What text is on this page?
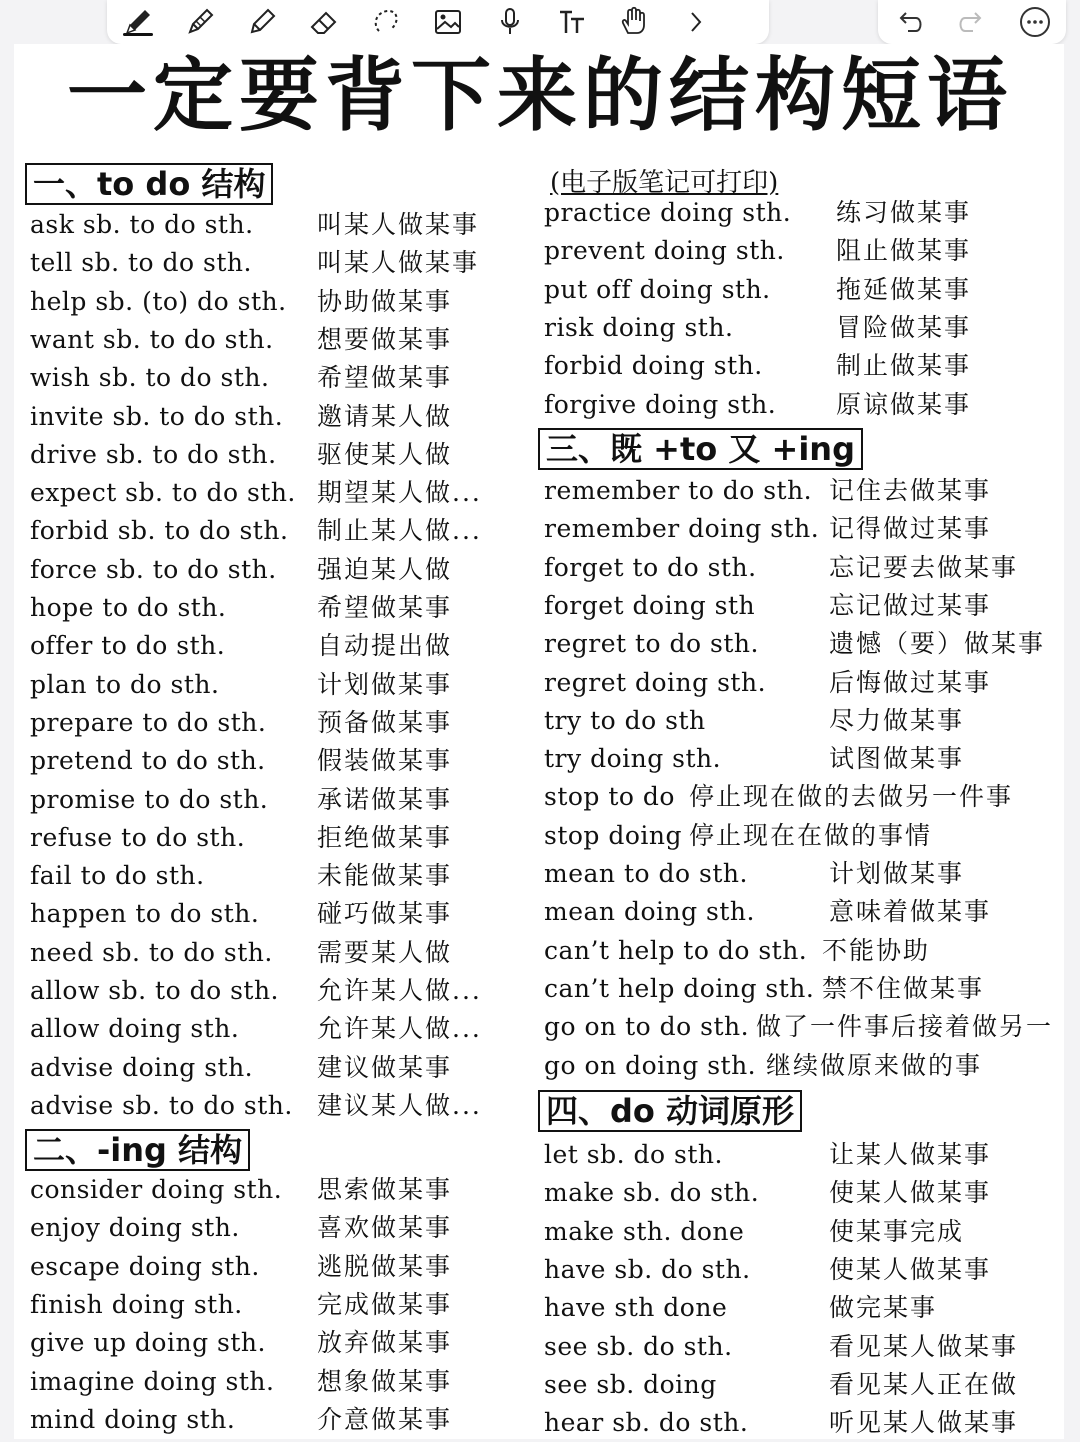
一定要背下来的结构短语
一、to do 结构	(电子版笔记可打印)
ask sb. to do sth.	叫某人做某事
tell sb. to do sth.	叫某人做某事
help sb. (to) do sth. 协助做某事
want sb. to do sth. 想要做某事
wish sb. to do sth. 希望做某事
invite sb. to do sth. 邀请某人做
drive sb. to do sth. 驱使某人做
expect sb. to do sth. 期望某人做...
forbid sb. to do sth. 制止某人做...
force sb. to do sth. 强迫某人做
hope to do sth.	希望做某事
offer to do sth.	自动提出做
plan to do sth.	计划做某事
prepare to do sth. 预备做某事
pretend to do sth. 假装做某事
promise to do sth. 承诺做某事
refuse to do sth.	拒绝做某事
fail to do sth.	未能做某事
happen to do sth. 碰巧做某事
need sb. to do sth. 需要某人做
allow sb. to do sth. 允许某人做...
allow doing sth.	允许某人做...
advise doing sth.	建议做某事
advise sb. to do sth. 建议某人做...
二、-ing 结构
consider doing sth. 思索做某事
enjoy doing sth.	喜欢做某事
escape doing sth. 逃脱做某事
finish doing sth.	完成做某事
give up doing sth. 放弃做某事
imagine doing sth. 想象做某事
mind doing sth.	介意做某事
practice doing sth. 练习做某事
prevent doing sth. 阻止做某事
put off doing sth.	拖延做某事
risk doing sth.	冒险做某事
forbid doing sth.	制止做某事
forgive doing sth. 原谅做某事
三、既 +to 又 +ing
remember to do sth. 记住去做某事
remember doing sth. 记得做过某事
forget to do sth.	忘记要去做某事
forget doing sth	忘记做过某事
regret to do sth.	遗憾（要）做某事
regret doing sth.	后悔做过某事
try to do sth	尽力做某事
try doing sth.	试图做某事
stop to do 停止现在做的去做另一件事
stop doing 停止现在在做的事情
mean to do sth.	计划做某事
mean doing sth.	意味着做某事
can’t help to do sth. 不能协助
can’t help doing sth. 禁不住做某事
go on to do sth. 做了一件事后接着做另一
go on doing sth. 继续做原来做的事
四、do 动词原形
let sb. do sth.	让某人做某事
make sb. do sth.	使某人做某事
make sth. done	使某事完成
have sb. do sth.	使某人做某事
have sth done	做完某事
see sb. do sth.	看见某人做某事
see sb. doing	看见某人正在做
hear sb. do sth.	听见某人做某事
